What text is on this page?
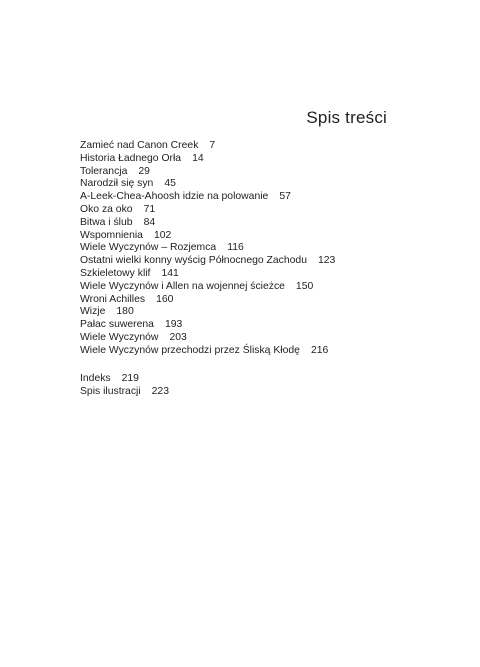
Spis treści
Zamieć nad Canon Creek 7
Historia Ładnego Orła 14
Tolerancja 29
Narodził się syn 45
A-Leek-Chea-Ahoosh idzie na polowanie 57
Oko za oko 71
Bitwa i ślub 84
Wspomnienia 102
Wiele Wyczynów – Rozjemca 116
Ostatni wielki konny wyścig Północnego Zachodu 123
Szkieletowy klif 141
Wiele Wyczynów i Allen na wojennej ścieżce 150
Wroni Achilles 160
Wizje 180
Pałac suwerena 193
Wiele Wyczynów 203
Wiele Wyczynów przechodzi przez Śliską Kłodę 216
Indeks 219
Spis ilustracji 223
